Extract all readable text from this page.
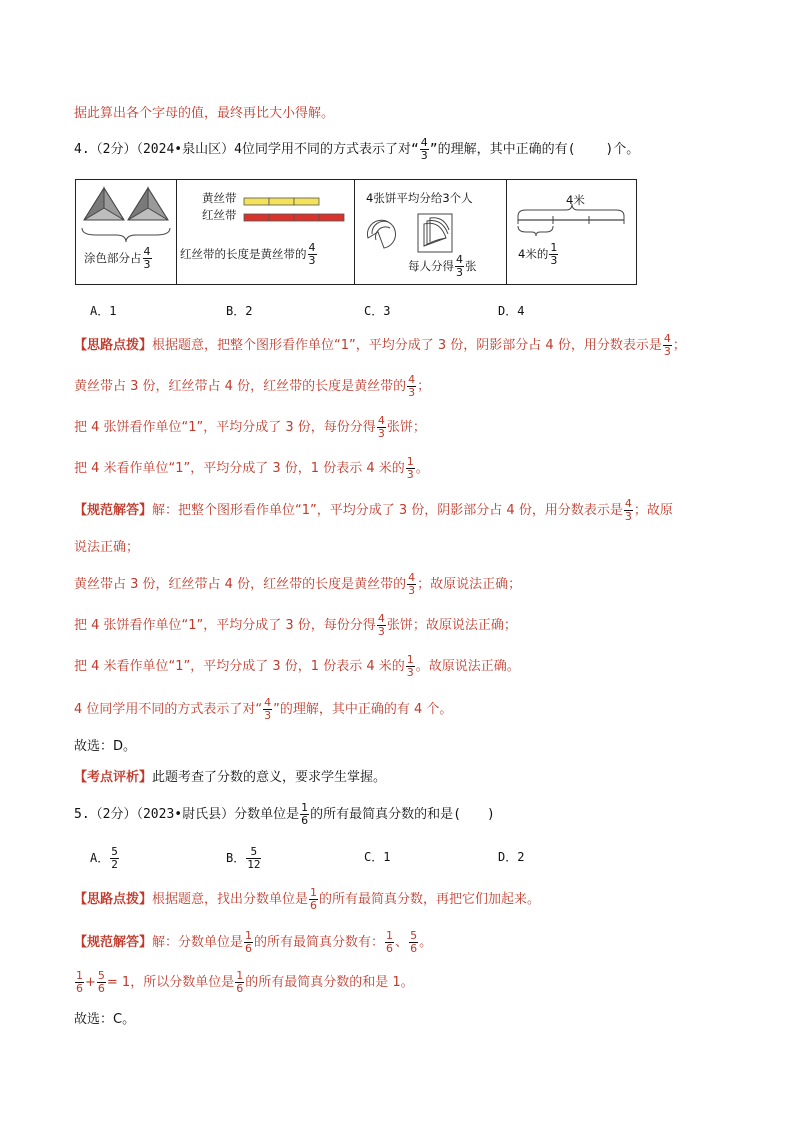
据此算出各个字母的值，最终再比大小得解。
4.（2分）（2024•泉山区）4位同学用不同的方式表示了对“ $\frac{4}{3}$ ”的理解，其中正确的有( )个。
涂色部分占 $\frac{4}{3}$
黄丝带
红丝带
红丝带的长度是黄丝带的 $\frac{4}{3}$
4张饼平均分给3个人
每人分得 $\frac{4}{3}$ 张
4米
4米的 $\frac{1}{3}$
A．1	B．2	C．3	D．4
【思路点拨】根据题意，把整个图形看作单位“1”，平均分成了 3 份，阴影部分占 4 份，用分数表示是 $\frac{4}{3}$ ；
黄丝带占 3 份，红丝带占 4 份，红丝带的长度是黄丝带的 $\frac{4}{3}$ ；
把 4 张饼看作单位“1”，平均分成了 3 份，每份分得 $\frac{4}{3}$ 张饼；
把 4 米看作单位“1”，平均分成了 3 份，1 份表示 4 米的 $\frac{1}{3}$ 。
【规范解答】解：把整个图形看作单位“1”，平均分成了 3 份，阴影部分占 4 份，用分数表示是 $\frac{4}{3}$ ；故原
说法正确；
黄丝带占 3 份，红丝带占 4 份，红丝带的长度是黄丝带的 $\frac{4}{3}$ ；故原说法正确；
把 4 张饼看作单位“1”，平均分成了 3 份，每份分得 $\frac{4}{3}$ 张饼；故原说法正确；
把 4 米看作单位“1”，平均分成了 3 份，1 份表示 4 米的 $\frac{1}{3}$ 。故原说法正确。
4 位同学用不同的方式表示了对“ $\frac{4}{3}$ ”的理解，其中正确的有 4 个。
故选：D。
【考点评析】此题考查了分数的意义，要求学生掌握。
5.（2分）（2023•尉氏县）分数单位是 $\frac{1}{6}$ 的所有最简真分数的和是(　　)
A． $\frac{5}{2}$	B． $\frac{5}{12}$	C．1	D．2
【思路点拨】根据题意，找出分数单位是 $\frac{1}{6}$ 的所有最简真分数，再把它们加起来。
【规范解答】解：分数单位是 $\frac{1}{6}$ 的所有最简真分数有： $\frac{1}{6}$ 、 $\frac{5}{6}$ 。
$\frac{1}{6} + \frac{5}{6} = 1$，所以分数单位是 $\frac{1}{6}$ 的所有最简真分数的和是 1。
故选：C。
